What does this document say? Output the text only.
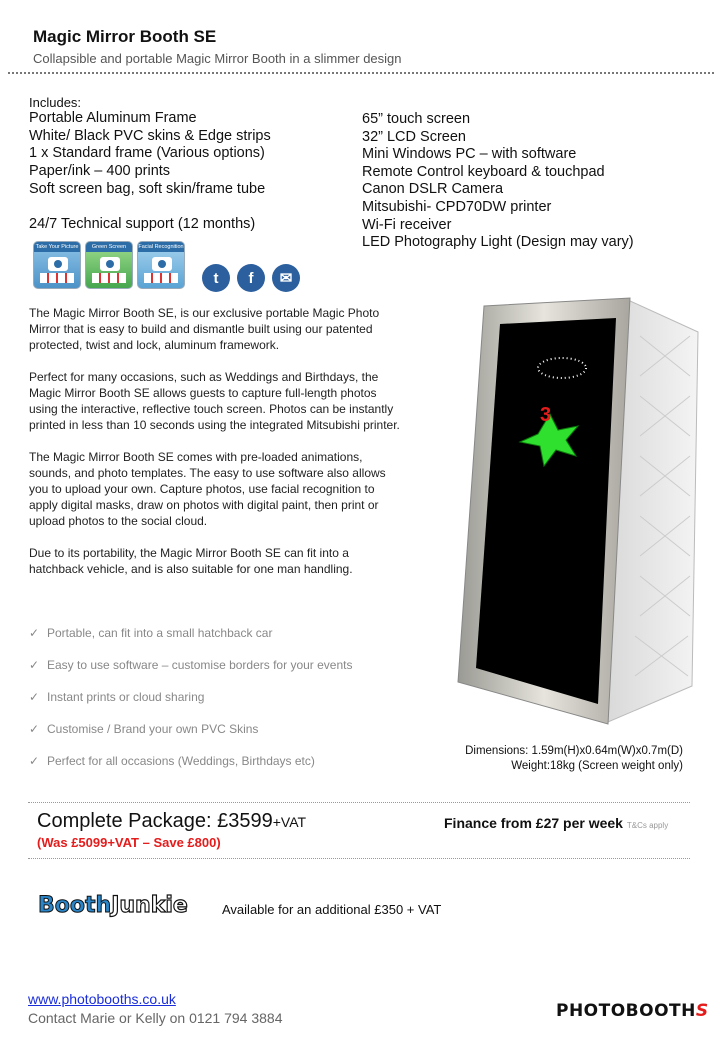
Magic Mirror Booth SE
Collapsible and portable Magic Mirror Booth in a slimmer design
Includes:
Portable Aluminum Frame
White/ Black PVC skins & Edge strips
1 x Standard frame (Various options)
Paper/ink – 400 prints
Soft screen bag, soft skin/frame tube
24/7 Technical support (12 months)
65” touch screen
32” LCD Screen
Mini Windows PC – with software
Remote Control keyboard & touchpad
Canon DSLR Camera
Mitsubishi- CPD70DW printer
Wi-Fi receiver
LED Photography Light (Design may vary)
Take Your Picture	Green Screen	Facial Recognition
t	f	✉

The Magic Mirror Booth SE, is our exclusive portable Magic Photo Mirror that is easy to build and dismantle built using our patented protected, twist and lock, aluminum framework.

Perfect for many occasions, such as Weddings and Birthdays, the Magic Mirror Booth SE allows guests to capture full-length photos using the interactive, reflective touch screen. Photos can be instantly printed in less than 10 seconds using the integrated Mitsubishi printer.

The Magic Mirror Booth SE comes with pre-loaded animations, sounds, and photo templates. The easy to use software also allows you to upload your own. Capture photos, use facial recognition to apply digital masks, draw on photos with digital paint, then print or upload photos to the social cloud.

Due to its portability, the Magic Mirror Booth SE can fit into a hatchback vehicle, and is also suitable for one man handling.

✓ Portable, can fit into a small hatchback car
✓ Easy to use software – customise borders for your events
✓ Instant prints or cloud sharing
✓ Customise / Brand your own PVC Skins
✓ Perfect for all occasions (Weddings, Birthdays etc)
3
Dimensions: 1.59m(H)x0.64m(W)x0.7m(D)
Weight:18kg (Screen weight only)
Complete Package: £3599+VAT
(Was £5099+VAT – Save £800)
Finance from £27 per week T&Cs apply
BoothJunkie	Available for an additional £350 + VAT
www.photobooths.co.uk
Contact Marie or Kelly on 0121 794 3884	PHOTOBOOTHS
